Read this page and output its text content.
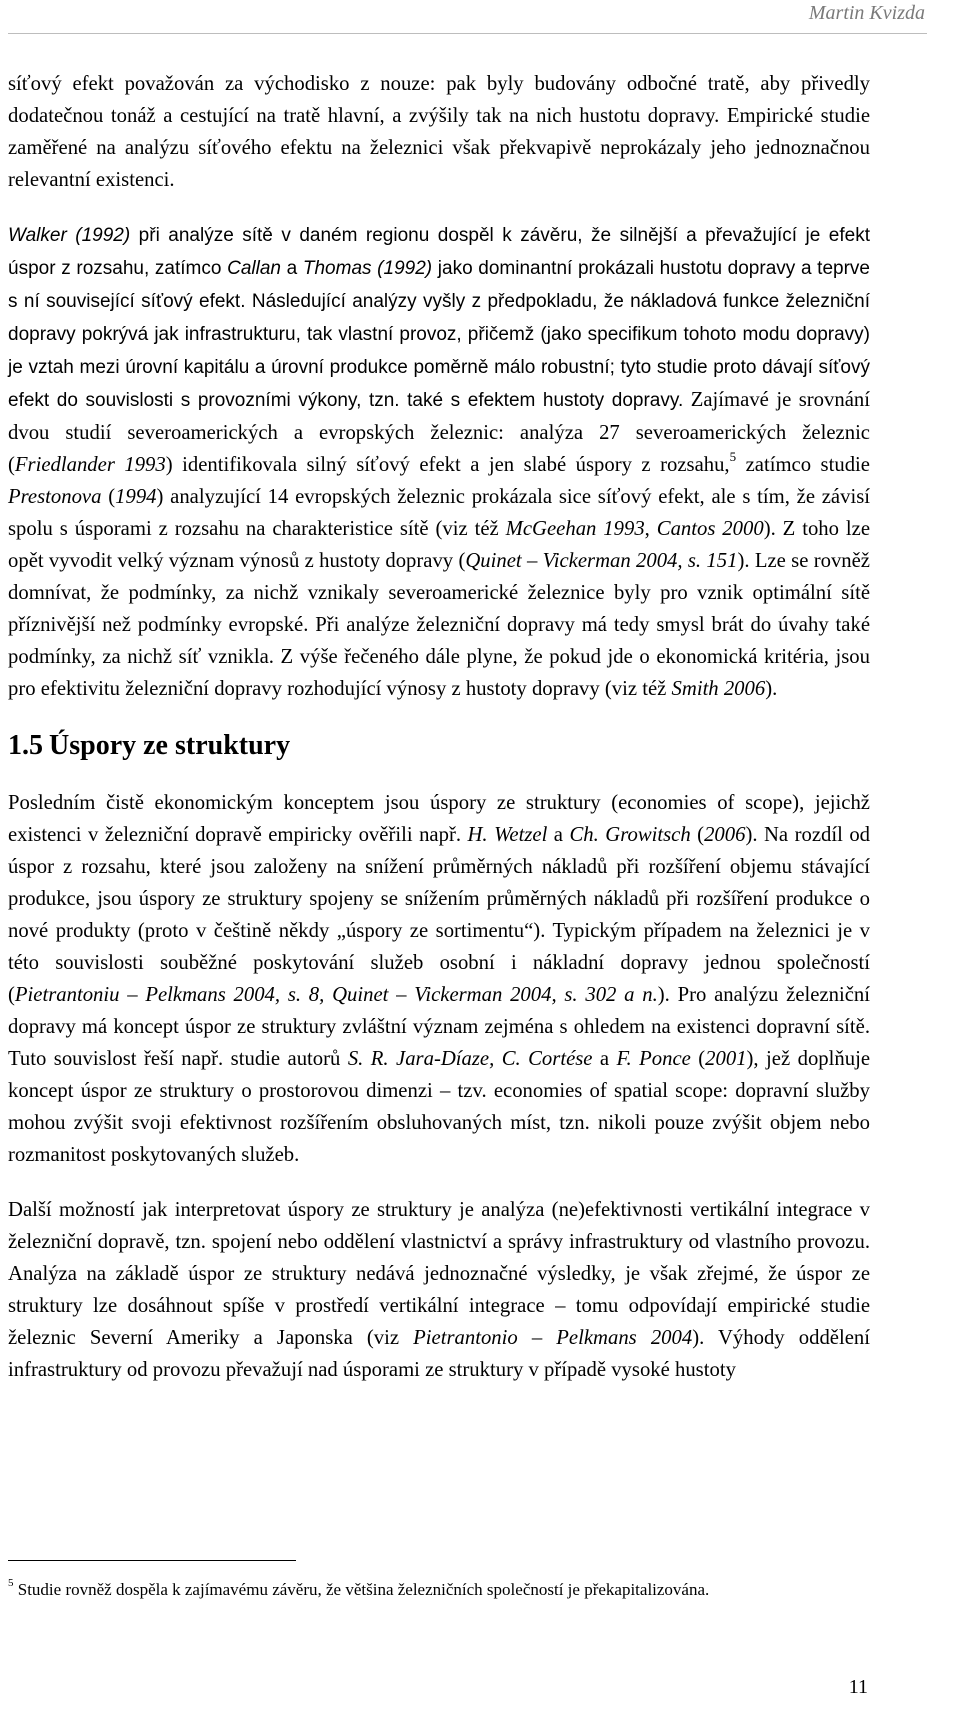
Martin Kvizda

síťový efekt považován za východisko z nouze: pak byly budovány odbočné tratě, aby přivedly dodatečnou tonáž a cestující na tratě hlavní, a zvýšily tak na nich hustotu dopravy. Empirické studie zaměřené na analýzu síťového efektu na železnici však překvapivě neprokázaly jeho jednoznačnou relevantní existenci.

Walker (1992) při analýze sítě v daném regionu dospěl k závěru, že silnější a převažující je efekt úspor z rozsahu, zatímco Callan a Thomas (1992) jako dominantní prokázali hustotu dopravy a teprve s ní související síťový efekt. Následující analýzy vyšly z předpokladu, že nákladová funkce železniční dopravy pokrývá jak infrastrukturu, tak vlastní provoz, přičemž (jako specifikum tohoto modu dopravy) je vztah mezi úrovní kapitálu a úrovní produkce poměrně málo robustní; tyto studie proto dávají síťový efekt do souvislosti s provozními výkony, tzn. také s efektem hustoty dopravy. Zajímavé je srovnání dvou studií severoamerických a evropských železnic: analýza 27 severoamerických železnic (Friedlander 1993) identifikovala silný síťový efekt a jen slabé úspory z rozsahu,$^5$ zatímco studie Prestonova (1994) analyzující 14 evropských železnic prokázala sice síťový efekt, ale s tím, že závisí spolu s úsporami z rozsahu na charakteristice sítě (viz též McGeehan 1993, Cantos 2000). Z toho lze opět vyvodit velký význam výnosů z hustoty dopravy (Quinet – Vickerman 2004, s. 151). Lze se rovněž domnívat, že podmínky, za nichž vznikaly severoamerické železnice byly pro vznik optimální sítě příznivější než podmínky evropské. Při analýze železniční dopravy má tedy smysl brát do úvahy také podmínky, za nichž síť vznikla. Z výše řečeného dále plyne, že pokud jde o ekonomická kritéria, jsou pro efektivitu železniční dopravy rozhodující výnosy z hustoty dopravy (viz též Smith 2006).

1.5 Úspory ze struktury

Posledním čistě ekonomickým konceptem jsou úspory ze struktury (economies of scope), jejichž existenci v železniční dopravě empiricky ověřili např. H. Wetzel a Ch. Growitsch (2006). Na rozdíl od úspor z rozsahu, které jsou založeny na snížení průměrných nákladů při rozšíření objemu stávající produkce, jsou úspory ze struktury spojeny se snížením průměrných nákladů při rozšíření produkce o nové produkty (proto v češtině někdy „úspory ze sortimentu“). Typickým případem na železnici je v této souvislosti souběžné poskytování služeb osobní i nákladní dopravy jednou společností (Pietrantoniu – Pelkmans 2004, s. 8, Quinet – Vickerman 2004, s. 302 a n.). Pro analýzu železniční dopravy má koncept úspor ze struktury zvláštní význam zejména s ohledem na existenci dopravní sítě. Tuto souvislost řeší např. studie autorů S. R. Jara-Díaze, C. Cortése a F. Ponce (2001), jež doplňuje koncept úspor ze struktury o prostorovou dimenzi – tzv. economies of spatial scope: dopravní služby mohou zvýšit svoji efektivnost rozšířením obsluhovaných míst, tzn. nikoli pouze zvýšit objem nebo rozmanitost poskytovaných služeb.

Další možností jak interpretovat úspory ze struktury je analýza (ne)efektivnosti vertikální integrace v železniční dopravě, tzn. spojení nebo oddělení vlastnictví a správy infrastruktury od vlastního provozu. Analýza na základě úspor ze struktury nedává jednoznačné výsledky, je však zřejmé, že úspor ze struktury lze dosáhnout spíše v prostředí vertikální integrace – tomu odpovídají empirické studie železnic Severní Ameriky a Japonska (viz Pietrantonio – Pelkmans 2004). Výhody oddělení infrastruktury od provozu převažují nad úsporami ze struktury v případě vysoké hustoty

$^5$ Studie rovněž dospěla k zajímavému závěru, že většina železničních společností je překapitalizována.
11
